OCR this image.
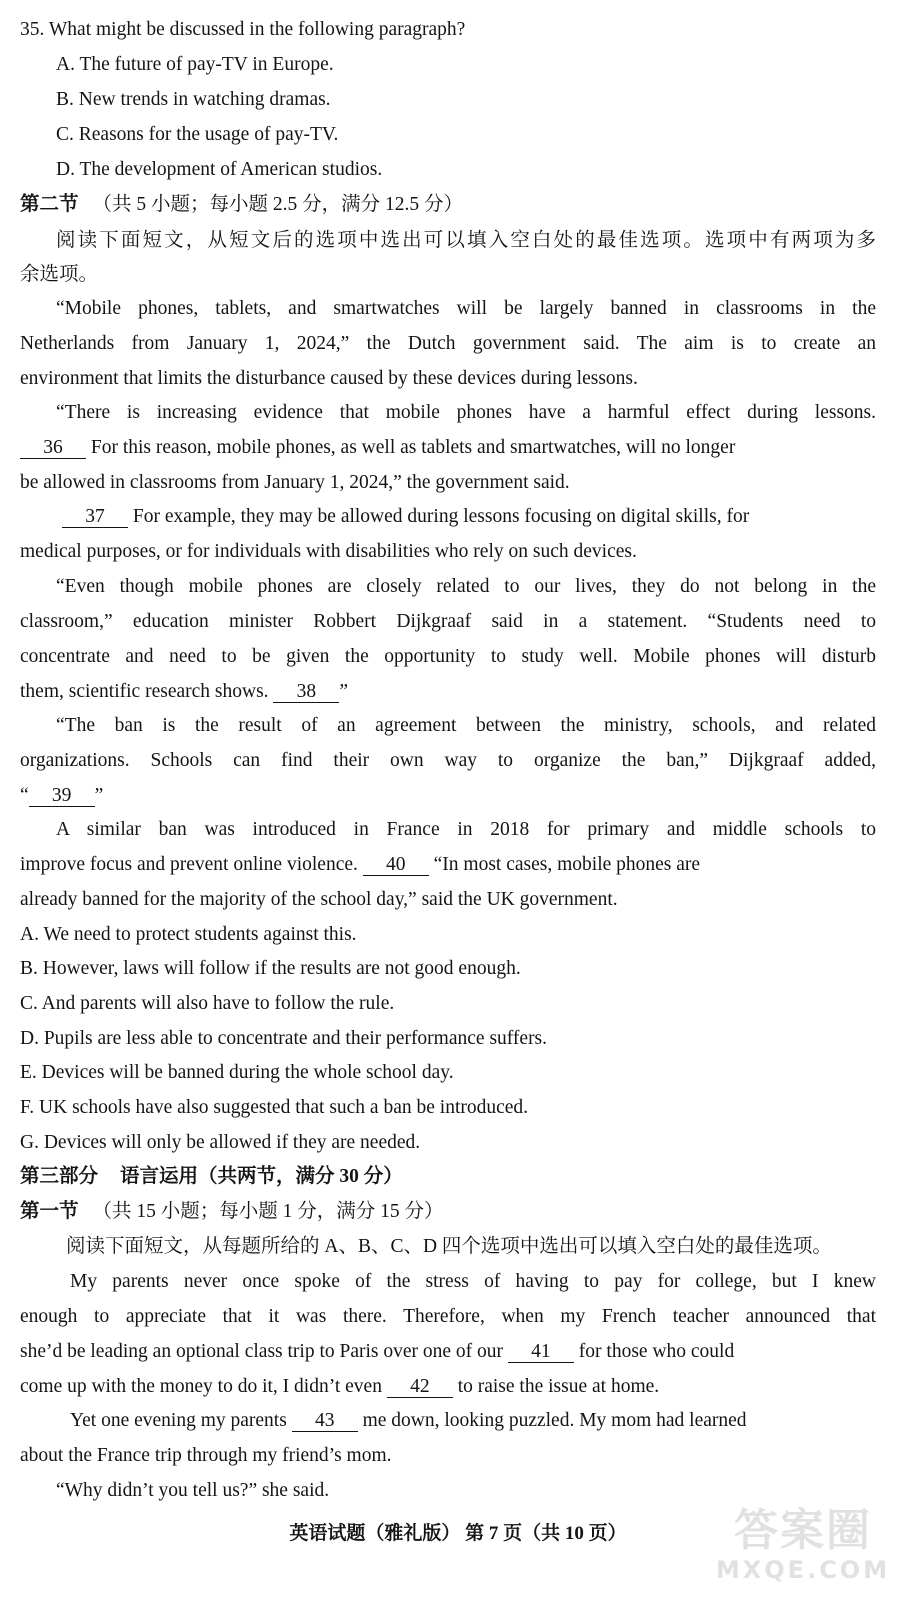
35. What might be discussed in the following paragraph?
A. The future of pay-TV in Europe.
B. New trends in watching dramas.
C. Reasons for the usage of pay-TV.
D. The development of American studios.
第二节 （共 5 小题；每小题 2.5 分，满分 12.5 分）
阅读下面短文，从短文后的选项中选出可以填入空白处的最佳选项。选项中有两项为多
余选项。
“Mobile phones, tablets, and smartwatches will be largely banned in classrooms in the
Netherlands from January 1, 2024,” the Dutch government said. The aim is to create an
environment that limits the disturbance caused by these devices during lessons.
“There is increasing evidence that mobile phones have a harmful effect during lessons.
36 For this reason, mobile phones, as well as tablets and smartwatches, will no longer
be allowed in classrooms from January 1, 2024,” the government said.
37 For example, they may be allowed during lessons focusing on digital skills, for
medical purposes, or for individuals with disabilities who rely on such devices.
“Even though mobile phones are closely related to our lives, they do not belong in the
classroom,” education minister Robbert Dijkgraaf said in a statement. “Students need to
concentrate and need to be given the opportunity to study well. Mobile phones will disturb
them, scientific research shows. 38 ”
“The ban is the result of an agreement between the ministry, schools, and related
organizations. Schools can find their own way to organize the ban,” Dijkgraaf added,
“ 39 ”
A similar ban was introduced in France in 2018 for primary and middle schools to
improve focus and prevent online violence. 40 “In most cases, mobile phones are
already banned for the majority of the school day,” said the UK government.
A. We need to protect students against this.
B. However, laws will follow if the results are not good enough.
C. And parents will also have to follow the rule.
D. Pupils are less able to concentrate and their performance suffers.
E. Devices will be banned during the whole school day.
F. UK schools have also suggested that such a ban be introduced.
G. Devices will only be allowed if they are needed.
第三部分 语言运用（共两节，满分 30 分）
第一节 （共 15 小题；每小题 1 分，满分 15 分）
阅读下面短文，从每题所给的 A、B、C、D 四个选项中选出可以填入空白处的最佳选项。
My parents never once spoke of the stress of having to pay for college, but I knew
enough to appreciate that it was there. Therefore, when my French teacher announced that
she’d be leading an optional class trip to Paris over one of our 41 for those who could
come up with the money to do it, I didn’t even 42 to raise the issue at home.
Yet one evening my parents 43 me down, looking puzzled. My mom had learned
about the France trip through my friend’s mom.
“Why didn’t you tell us?” she said.
英语试题（雅礼版） 第 7 页（共 10 页）	答案圈
MXQE.COM
